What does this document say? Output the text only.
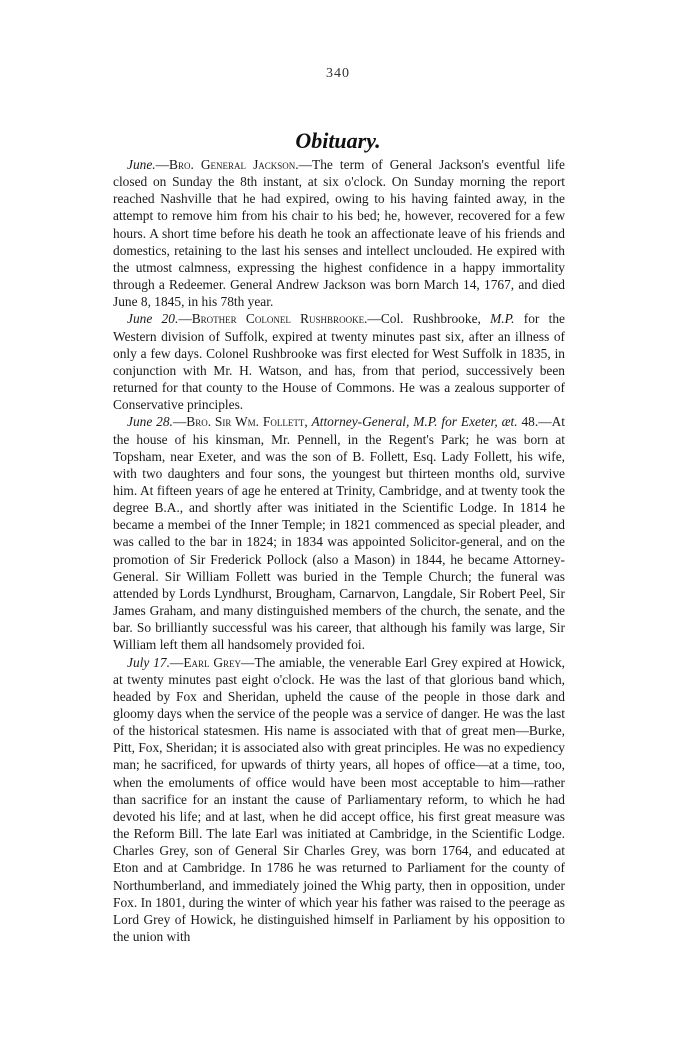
340
Obituary.

June.—Bro. General Jackson.—The term of General Jackson's eventful life closed on Sunday the 8th instant, at six o'clock. On Sunday morning the report reached Nashville that he had expired, owing to his having fainted away, in the attempt to remove him from his chair to his bed; he, however, recovered for a few hours. A short time before his death he took an affectionate leave of his friends and domestics, retaining to the last his senses and intellect unclouded. He expired with the utmost calmness, expressing the highest confidence in a happy immortality through a Redeemer. General Andrew Jackson was born March 14, 1767, and died June 8, 1845, in his 78th year.

June 20.—Brother Colonel Rushbrooke.—Col. Rushbrooke, M.P. for the Western division of Suffolk, expired at twenty minutes past six, after an illness of only a few days. Colonel Rushbrooke was first elected for West Suffolk in 1835, in conjunction with Mr. H. Watson, and has, from that period, successively been returned for that county to the House of Commons. He was a zealous supporter of Conservative principles.

June 28.—Bro. Sir Wm. Follett, Attorney-General, M.P. for Exeter, æt. 48.—At the house of his kinsman, Mr. Pennell, in the Regent's Park; he was born at Topsham, near Exeter, and was the son of B. Follett, Esq. Lady Follett, his wife, with two daughters and four sons, the youngest but thirteen months old, survive him. At fifteen years of age he entered at Trinity, Cambridge, and at twenty took the degree B.A., and shortly after was initiated in the Scientific Lodge. In 1814 he became a membei of the Inner Temple; in 1821 commenced as special pleader, and was called to the bar in 1824; in 1834 was appointed Solicitor-general, and on the promotion of Sir Frederick Pollock (also a Mason) in 1844, he became Attorney-General. Sir William Follett was buried in the Temple Church; the funeral was attended by Lords Lyndhurst, Brougham, Carnarvon, Langdale, Sir Robert Peel, Sir James Graham, and many distinguished members of the church, the senate, and the bar. So brilliantly successful was his career, that although his family was large, Sir William left them all handsomely provided foi.

July 17.—Earl Grey—The amiable, the venerable Earl Grey expired at Howick, at twenty minutes past eight o'clock. He was the last of that glorious band which, headed by Fox and Sheridan, upheld the cause of the people in those dark and gloomy days when the service of the people was a service of danger. He was the last of the historical statesmen. His name is associated with that of great men—Burke, Pitt, Fox, Sheridan; it is associated also with great principles. He was no expediency man; he sacrificed, for upwards of thirty years, all hopes of office—at a time, too, when the emoluments of office would have been most acceptable to him—rather than sacrifice for an instant the cause of Parliamentary reform, to which he had devoted his life; and at last, when he did accept office, his first great measure was the Reform Bill. The late Earl was initiated at Cambridge, in the Scientific Lodge. Charles Grey, son of General Sir Charles Grey, was born 1764, and educated at Eton and at Cambridge. In 1786 he was returned to Parliament for the county of Northumberland, and immediately joined the Whig party, then in opposition, under Fox. In 1801, during the winter of which year his father was raised to the peerage as Lord Grey of Howick, he distinguished himself in Parliament by his opposition to the union with
